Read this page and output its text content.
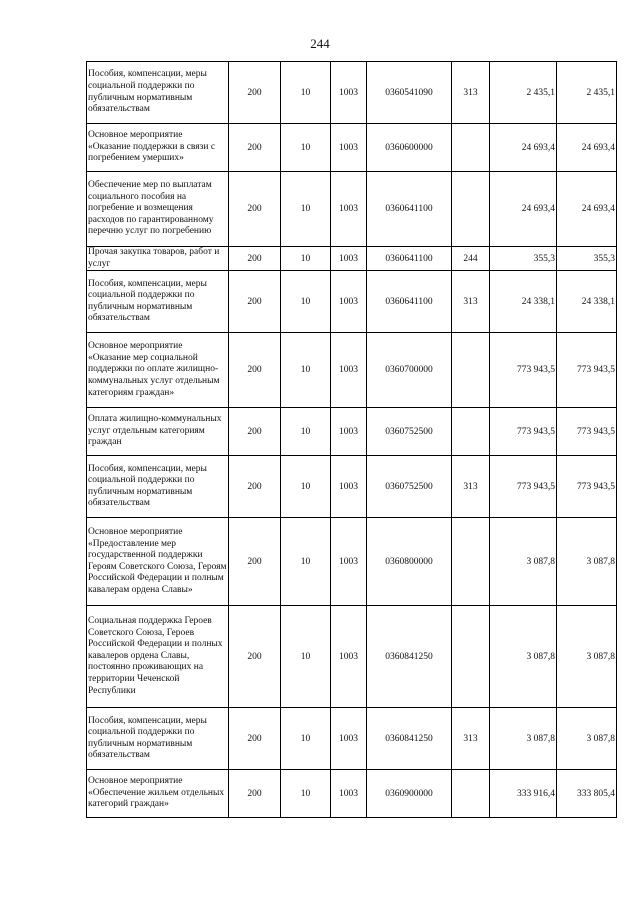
244
Пособия, компенсации, меры социальной поддержки по публичным нормативным обязательствам	200	10	1003	0360541090	313	2 435,1	2 435,1
Основное мероприятие «Оказание поддержки в связи с погребением умерших»	200	10	1003	0360600000		24 693,4	24 693,4
Обеспечение мер по выплатам социального пособия на погребение и возмещения расходов по гарантированному перечню услуг по погребению	200	10	1003	0360641100		24 693,4	24 693,4
Прочая закупка товаров, работ и услуг	200	10	1003	0360641100	244	355,3	355,3
Пособия, компенсации, меры социальной поддержки по публичным нормативным обязательствам	200	10	1003	0360641100	313	24 338,1	24 338,1
Основное мероприятие «Оказание мер социальной поддержки по оплате жилищно-коммунальных услуг отдельным категориям граждан»	200	10	1003	0360700000		773 943,5	773 943,5
Оплата жилищно-коммунальных услуг отдельным категориям граждан	200	10	1003	0360752500		773 943,5	773 943,5
Пособия, компенсации, меры социальной поддержки по публичным нормативным обязательствам	200	10	1003	0360752500	313	773 943,5	773 943,5
Основное мероприятие «Предоставление мер государственной поддержки Героям Советского Союза, Героям Российской Федерации и полным кавалерам ордена Славы»	200	10	1003	0360800000		3 087,8	3 087,8
Социальная поддержка Героев Советского Союза, Героев Российской Федерации и полных кавалеров ордена Славы, постоянно проживающих на территории Чеченской Республики	200	10	1003	0360841250		3 087,8	3 087,8
Пособия, компенсации, меры социальной поддержки по публичным нормативным обязательствам	200	10	1003	0360841250	313	3 087,8	3 087,8
Основное мероприятие «Обеспечение жильем отдельных категорий граждан»	200	10	1003	0360900000		333 916,4	333 805,4
